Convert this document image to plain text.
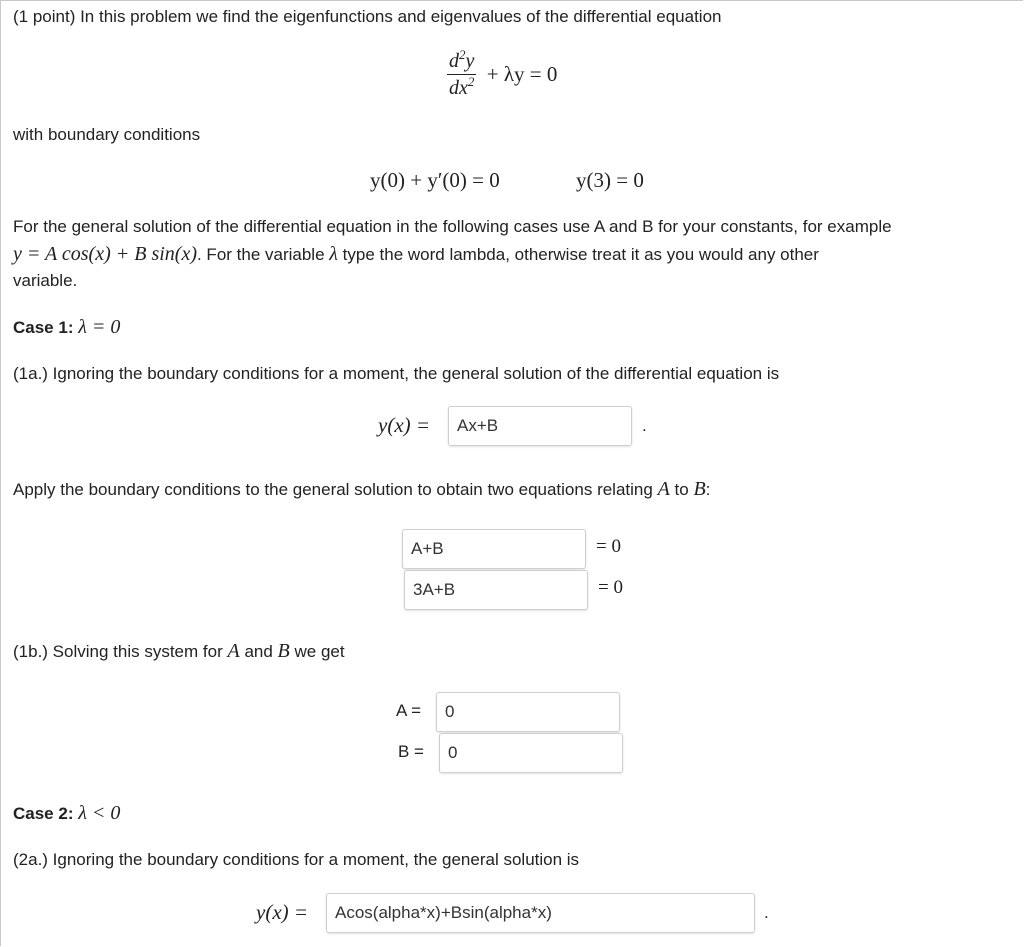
(1 point) In this problem we find the eigenfunctions and eigenvalues of the differential equation
$\frac{d^2y}{dx^2} + \lambda y = 0$
with boundary conditions
y(0) + y′(0) = 0	y(3) = 0
For the general solution of the differential equation in the following cases use A and B for your constants, for example
y = A cos(x) + B sin(x). For the variable λ type the word lambda, otherwise treat it as you would any other
variable.
Case 1: λ = 0
(1a.) Ignoring the boundary conditions for a moment, the general solution of the differential equation is
y(x) = Ax+B	.
Apply the boundary conditions to the general solution to obtain two equations relating A to B:
A+B	= 0
3A+B	= 0
(1b.) Solving this system for A and B we get
A = 0
B = 0
Case 2: λ < 0
(2a.) Ignoring the boundary conditions for a moment, the general solution is
y(x) = Acos(alpha*x)+Bsin(alpha*x)	.
